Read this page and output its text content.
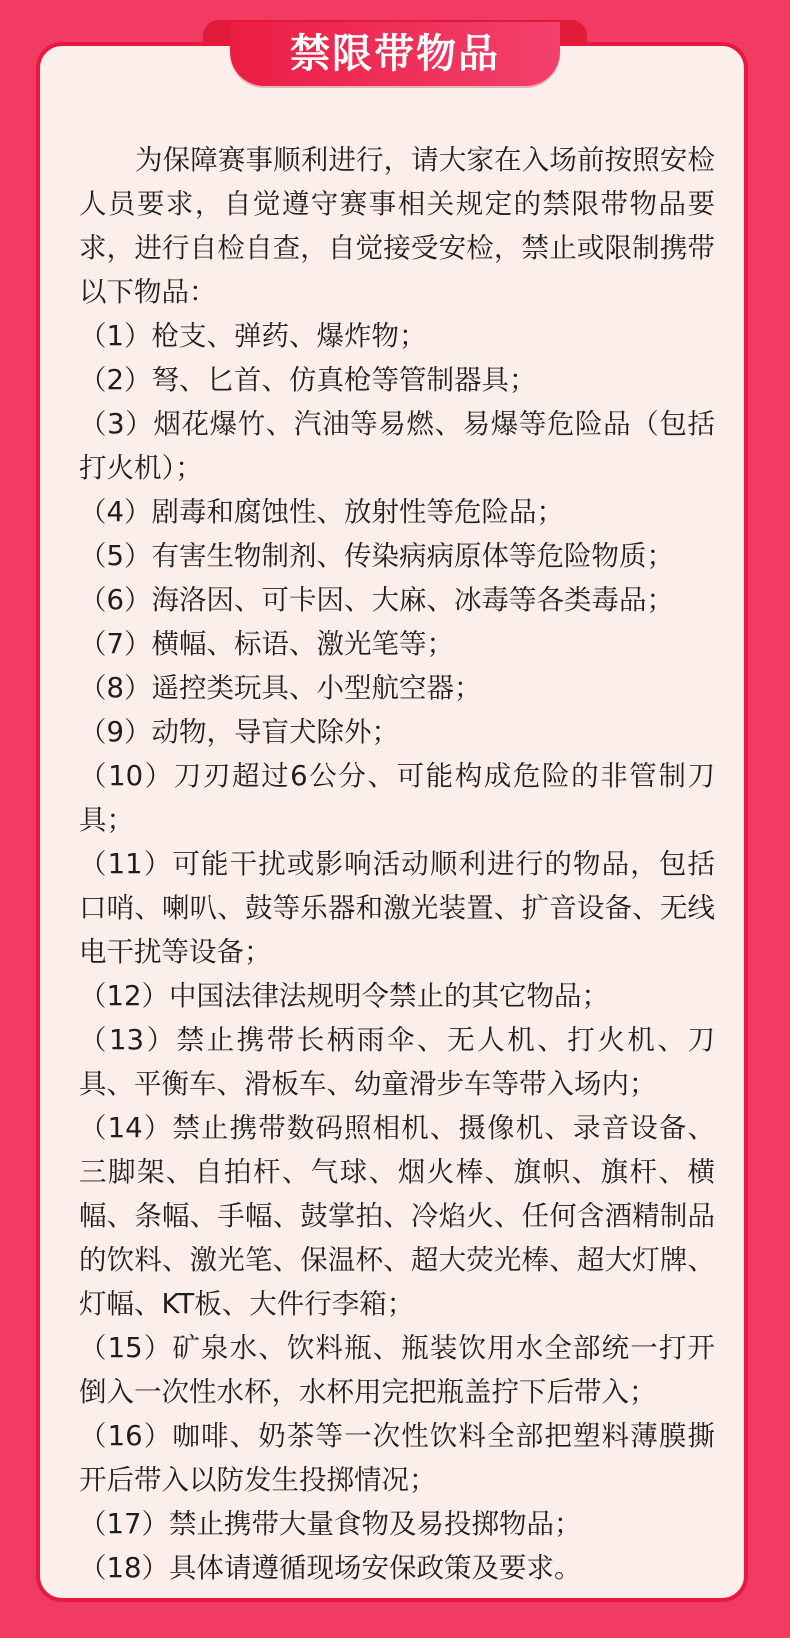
禁限带物品

为保障赛事顺利进行，请大家在入场前按照安检人员要求，自觉遵守赛事相关规定的禁限带物品要求，进行自检自查，自觉接受安检，禁止或限制携带以下物品：

（1）枪支、弹药、爆炸物；

（2）弩、匕首、仿真枪等管制器具；

（3）烟花爆竹、汽油等易燃、易爆等危险品（包括打火机）；

（4）剧毒和腐蚀性、放射性等危险品；

（5）有害生物制剂、传染病病原体等危险物质；

（6）海洛因、可卡因、大麻、冰毒等各类毒品；

（7）横幅、标语、激光笔等；

（8）遥控类玩具、小型航空器；

（9）动物，导盲犬除外；

（10）刀刃超过6公分、可能构成危险的非管制刀具；

（11）可能干扰或影响活动顺利进行的物品，包括口哨、喇叭、鼓等乐器和激光装置、扩音设备、无线电干扰等设备；

（12）中国法律法规明令禁止的其它物品；

（13）禁止携带长柄雨伞、无人机、打火机、刀具、平衡车、滑板车、幼童滑步车等带入场内；

（14）禁止携带数码照相机、摄像机、录音设备、三脚架、自拍杆、气球、烟火棒、旗帜、旗杆、横幅、条幅、手幅、鼓掌拍、冷焰火、任何含酒精制品的饮料、激光笔、保温杯、超大荧光棒、超大灯牌、灯幅、KT板、大件行李箱；

（15）矿泉水、饮料瓶、瓶装饮用水全部统一打开倒入一次性水杯，水杯用完把瓶盖拧下后带入；

（16）咖啡、奶茶等一次性饮料全部把塑料薄膜撕开后带入以防发生投掷情况；

（17）禁止携带大量食物及易投掷物品；

（18）具体请遵循现场安保政策及要求。
